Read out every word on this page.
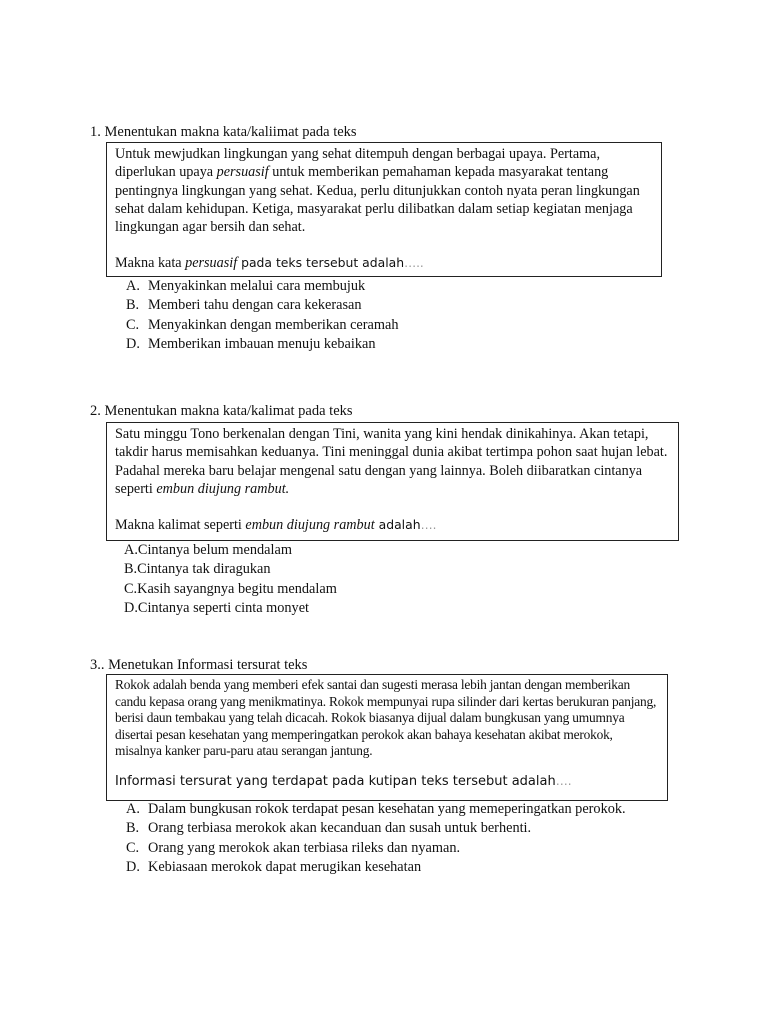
1. Menentukan makna kata/kaliimat pada teks

Untuk mewjudkan lingkungan yang sehat ditempuh dengan berbagai upaya. Pertama, diperlukan upaya persuasif untuk memberikan pemahaman kepada masyarakat tentang pentingnya lingkungan yang sehat. Kedua, perlu ditunjukkan contoh nyata peran lingkungan sehat dalam kehidupan. Ketiga, masyarakat perlu dilibatkan dalam setiap kegiatan menjaga lingkungan agar bersih dan sehat.

Makna kata persuasif pada teks tersebut adalah…..

A. Menyakinkan melalui cara membujuk
B. Memberi tahu dengan cara kekerasan
C. Menyakinkan dengan memberikan ceramah
D. Memberikan imbauan menuju kebaikan
2. Menentukan makna kata/kalimat pada teks

Satu minggu Tono berkenalan dengan Tini, wanita yang kini hendak dinikahinya. Akan tetapi, takdir harus memisahkan keduanya. Tini meninggal dunia akibat tertimpa pohon saat hujan lebat. Padahal mereka baru belajar mengenal satu dengan yang lainnya. Boleh diibaratkan cintanya seperti embun diujung rambut.

Makna kalimat seperti embun diujung rambut adalah….

A.Cintanya belum mendalam
B.Cintanya tak diragukan
C.Kasih sayangnya begitu mendalam
D.Cintanya seperti cinta monyet
3.. Menetukan Informasi tersurat teks

Rokok adalah benda yang memberi efek santai dan sugesti merasa lebih jantan dengan memberikan candu kepasa orang yang menikmatinya. Rokok mempunyai rupa silinder dari kertas berukuran panjang, berisi daun tembakau yang telah dicacah. Rokok biasanya dijual dalam bungkusan yang umumnya disertai pesan kesehatan yang memperingatkan perokok akan bahaya kesehatan akibat merokok, misalnya kanker paru-paru atau serangan jantung.

Informasi tersurat yang terdapat pada kutipan teks tersebut adalah….

A. Dalam bungkusan rokok terdapat pesan kesehatan yang memeperingatkan perokok.
B. Orang terbiasa merokok akan kecanduan dan susah untuk berhenti.
C. Orang yang merokok akan terbiasa rileks dan nyaman.
D. Kebiasaan merokok dapat merugikan kesehatan
